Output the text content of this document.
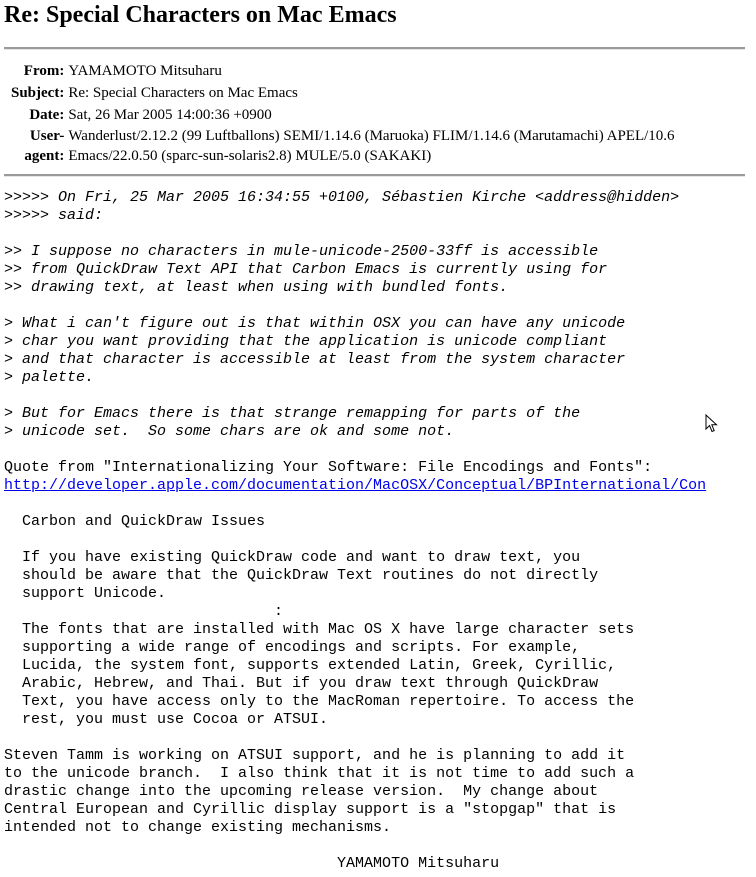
Re: Special Characters on Mac Emacs
From:	YAMAMOTO Mitsuharu
Subject:	Re: Special Characters on Mac Emacs
Date:	Sat, 26 Mar 2005 14:00:36 +0900
User-	Wanderlust/2.12.2 (99 Luftballons) SEMI/1.14.6 (Maruoka) FLIM/1.14.6 (Marutamachi) APEL/10.6
agent:	Emacs/22.0.50 (sparc-sun-solaris2.8) MULE/5.0 (SAKAKI)
>>>>> On Fri, 25 Mar 2005 16:34:55 +0100, Sébastien Kirche <address@hidden>
>>>>> said:
>> I suppose no characters in mule-unicode-2500-33ff is accessible
>> from QuickDraw Text API that Carbon Emacs is currently using for
>> drawing text, at least when using with bundled fonts.
> What i can't figure out is that within OSX you can have any unicode
> char you want providing that the application is unicode compliant
> and that character is accessible at least from the system character
> palette.
> But for Emacs there is that strange remapping for parts of the
> unicode set.  So some chars are ok and some not.
Quote from "Internationalizing Your Software: File Encodings and Fonts":
http://developer.apple.com/documentation/MacOSX/Conceptual/BPInternational/Con
Carbon and QuickDraw Issues

If you have existing QuickDraw code and want to draw text, you
should be aware that the QuickDraw Text routines do not directly
support Unicode.
:
The fonts that are installed with Mac OS X have large character sets
supporting a wide range of encodings and scripts. For example,
Lucida, the system font, supports extended Latin, Greek, Cyrillic,
Arabic, Hebrew, and Thai. But if you draw text through QuickDraw
Text, you have access only to the MacRoman repertoire. To access the
rest, you must use Cocoa or ATSUI.
Steven Tamm is working on ATSUI support, and he is planning to add it
to the unicode branch.  I also think that it is not time to add such a
drastic change into the upcoming release version.  My change about
Central European and Cyrillic display support is a "stopgap" that is
intended not to change existing mechanisms.
YAMAMOTO Mitsuharu
